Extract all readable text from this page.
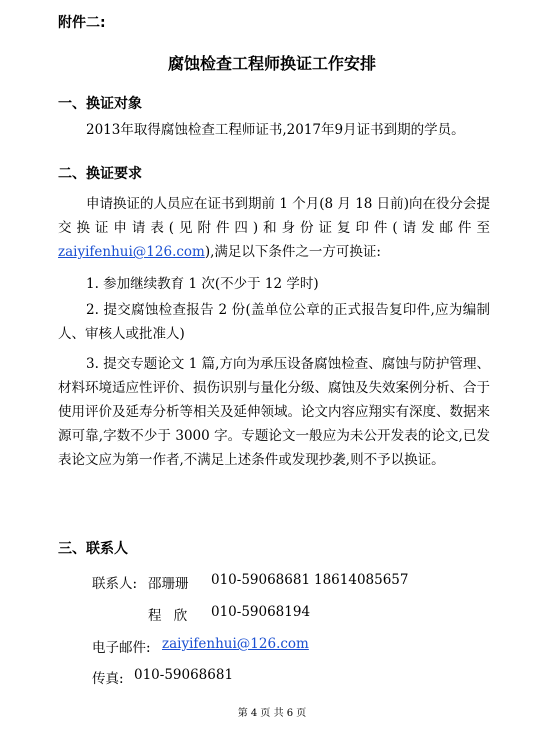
附件二:
腐蚀检查工程师换证工作安排
一、换证对象
2013年取得腐蚀检查工程师证书,2017年9月证书到期的学员。
二、换证要求
申请换证的人员应在证书到期前 1 个月(8 月 18 日前)向在役分会提交换证申请表(见附件四)和身份证复印件(请发邮件至zaiyifenhui@126.com),满足以下条件之一方可换证:
1. 参加继续教育 1 次(不少于 12 学时)
2. 提交腐蚀检查报告 2 份(盖单位公章的正式报告复印件,应为编制人、审核人或批准人)
3. 提交专题论文 1 篇,方向为承压设备腐蚀检查、腐蚀与防护管理、材料环境适应性评价、损伤识别与量化分级、腐蚀及失效案例分析、合于使用评价及延寿分析等相关及延伸领域。论文内容应翔实有深度、数据来源可靠,字数不少于 3000 字。专题论文一般应为未公开发表的论文,已发表论文应为第一作者,不满足上述条件或发现抄袭,则不予以换证。
三、联系人
联系人: 邵珊珊 010-59068681 18614085657
程 欣 010-59068194
电子邮件: zaiyifenhui@126.com
传真: 010-59068681
第 4 页 共 6 页
